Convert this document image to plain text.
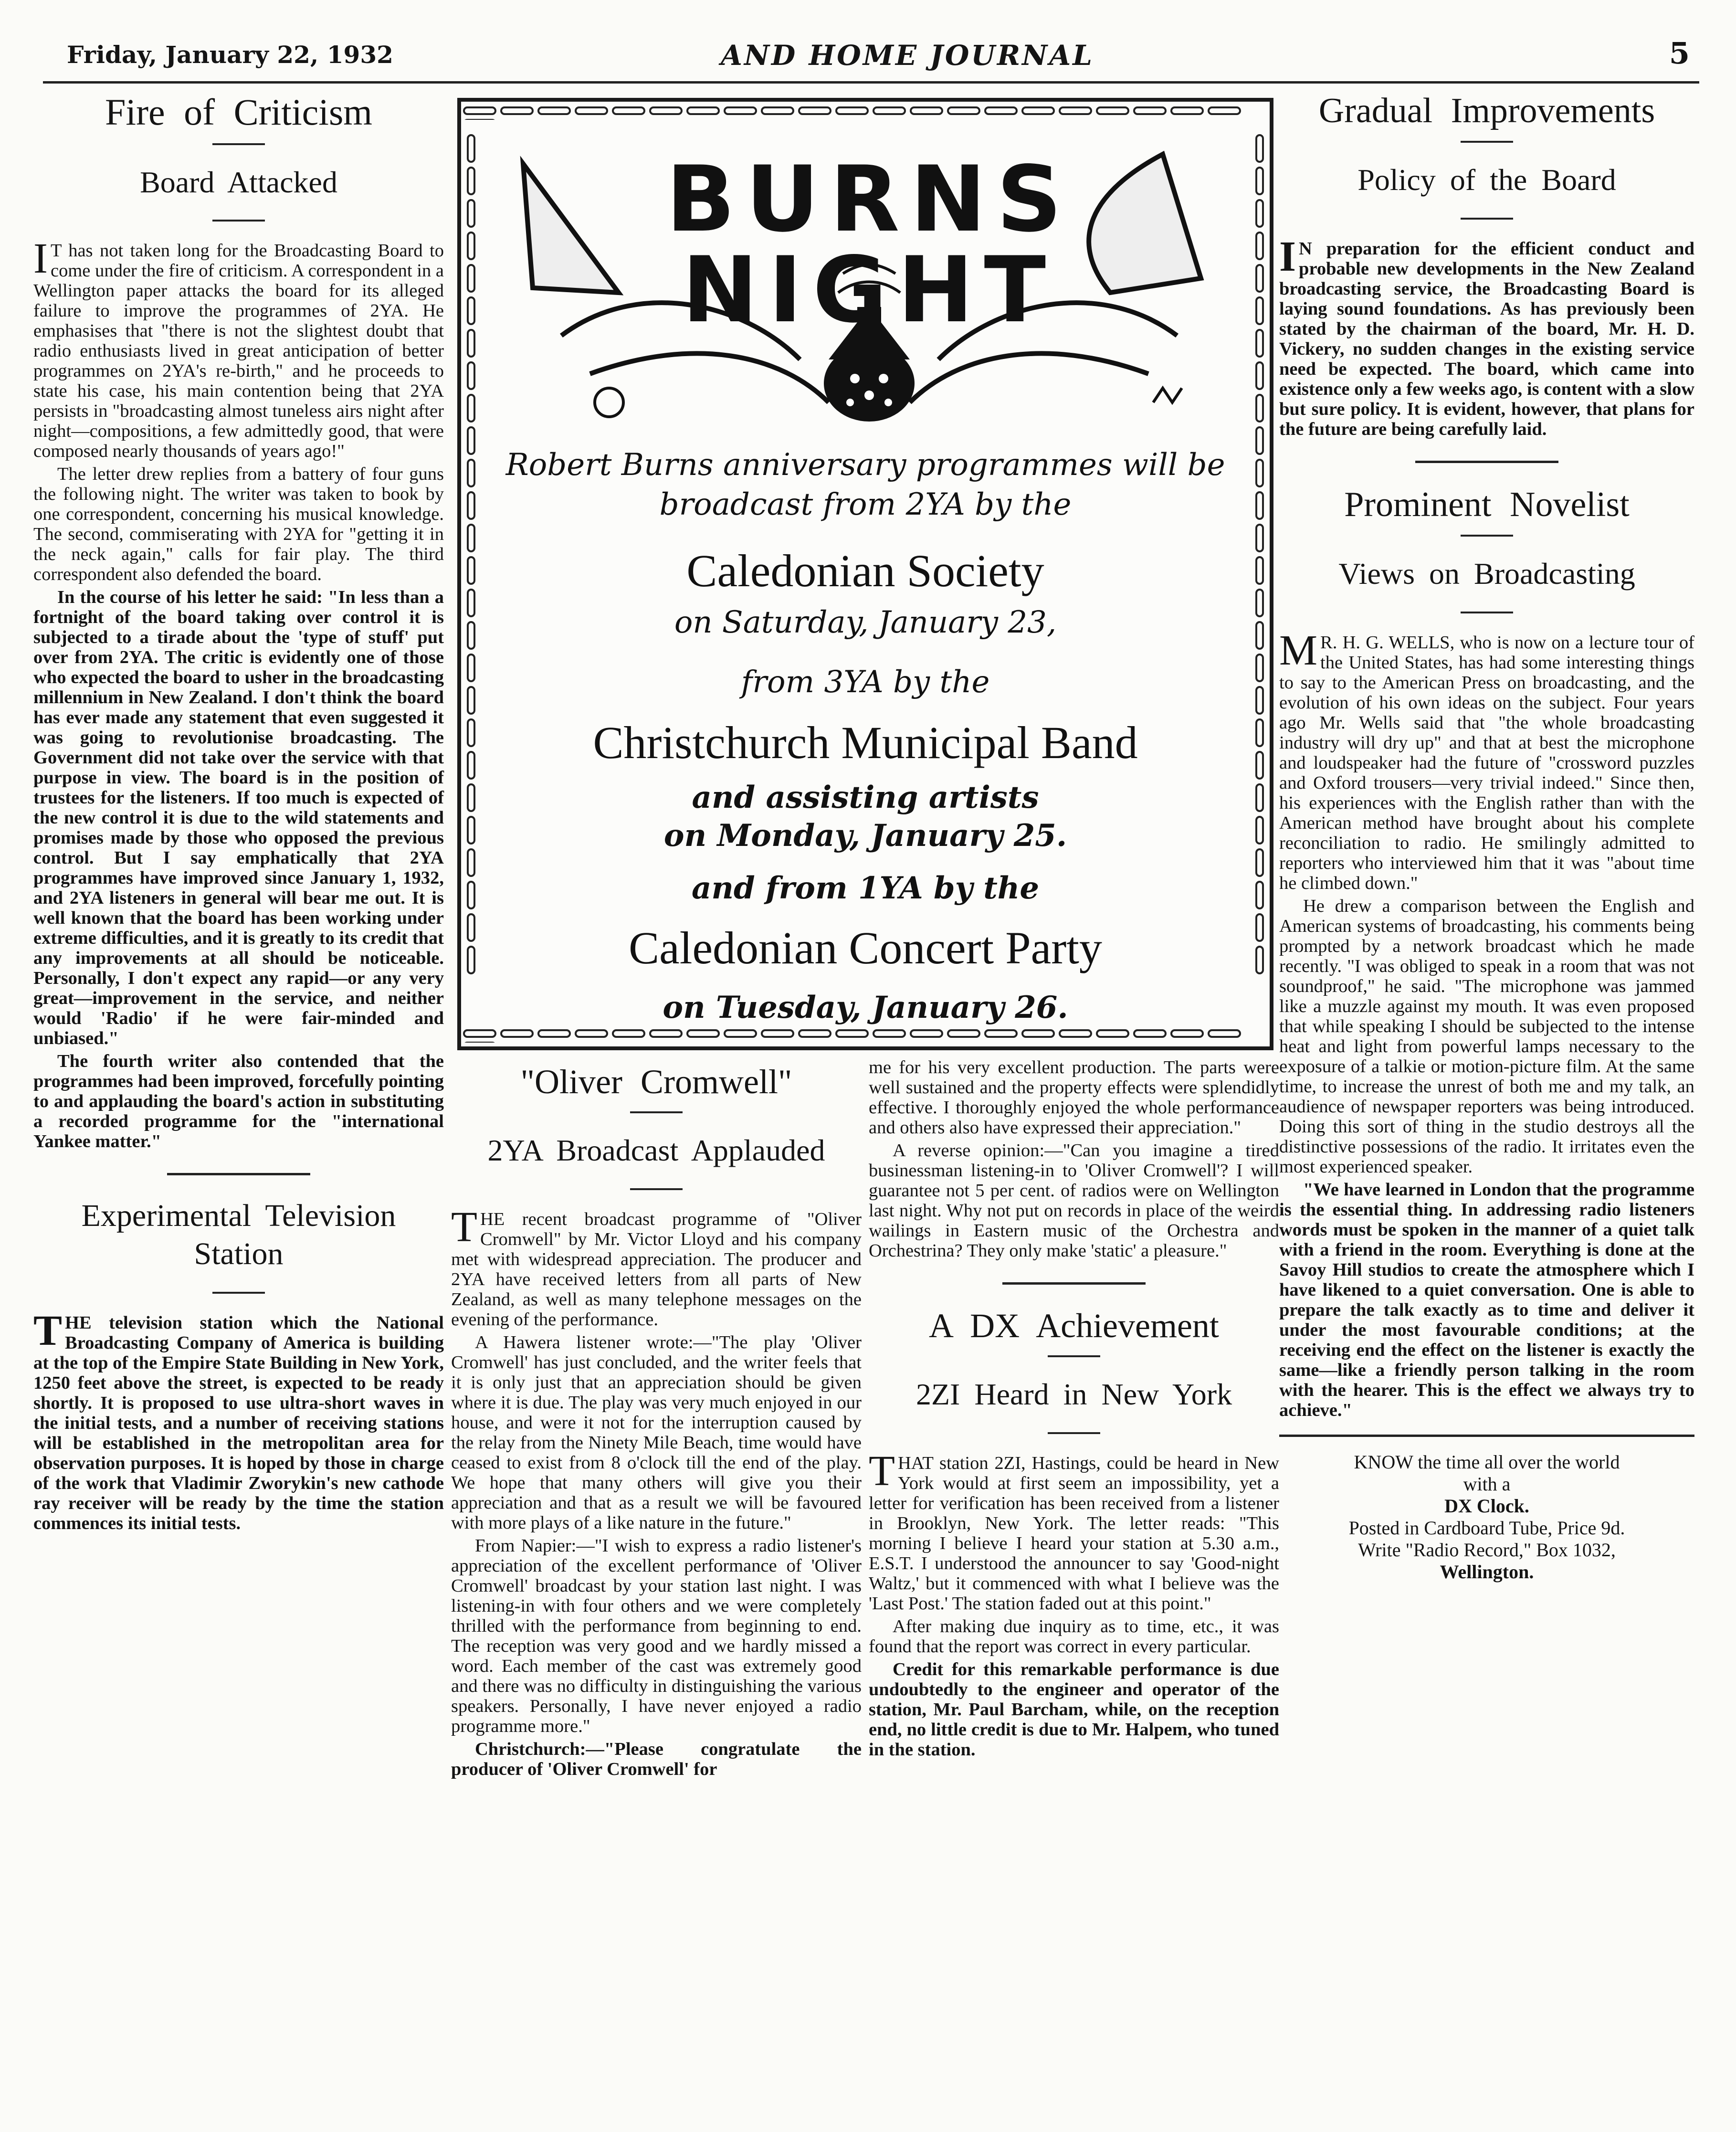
Friday, January 22, 1932	AND HOME JOURNAL	5
Fire of Criticism
Board Attacked

IT has not taken long for the Broadcasting Board to come under the fire of criticism. A correspondent in a Wellington paper attacks the board for its alleged failure to improve the programmes of 2YA. He emphasises that "there is not the slightest doubt that radio enthusiasts lived in great anticipation of better programmes on 2YA's re-birth," and he proceeds to state his case, his main contention being that 2YA persists in "broadcasting almost tuneless airs night after night—compositions, a few admittedly good, that were composed nearly thousands of years ago!"

The letter drew replies from a battery of four guns the following night. The writer was taken to book by one correspondent, concerning his musical knowledge. The second, commiserating with 2YA for "getting it in the neck again," calls for fair play. The third correspondent also defended the board.

In the course of his letter he said: "In less than a fortnight of the board taking over control it is subjected to a tirade about the 'type of stuff' put over from 2YA. The critic is evidently one of those who expected the board to usher in the broadcasting millennium in New Zealand. I don't think the board has ever made any statement that even suggested it was going to revolutionise broadcasting. The Government did not take over the service with that purpose in view. The board is in the position of trustees for the listeners. If too much is expected of the new control it is due to the wild statements and promises made by those who opposed the previous control. But I say emphatically that 2YA programmes have improved since January 1, 1932, and 2YA listeners in general will bear me out. It is well known that the board has been working under extreme difficulties, and it is greatly to its credit that any improvements at all should be noticeable. Personally, I don't expect any rapid—or any very great—improvement in the service, and neither would 'Radio' if he were fair-minded and unbiased."

The fourth writer also contended that the programmes had been improved, forcefully pointing to and applauding the board's action in substituting a recorded programme for the "international Yankee matter."

Experimental Television Station

THE television station which the National Broadcasting Company of America is building at the top of the Empire State Building in New York, 1250 feet above the street, is expected to be ready shortly. It is proposed to use ultra-short waves in the initial tests, and a number of receiving stations will be established in the metropolitan area for observation purposes. It is hoped by those in charge of the work that Vladimir Zworykin's new cathode ray receiver will be ready by the time the station commences its initial tests.

BURNS
NIGHT
Robert Burns anniversary programmes will be broadcast from 2YA by the
Caledonian Society
on Saturday, January 23,
from 3YA by the
Christchurch Municipal Band
and assisting artists
on Monday, January 25.
and from 1YA by the
Caledonian Concert Party
on Tuesday, January 26.
"Oliver Cromwell"
2YA Broadcast Applauded

THE recent broadcast programme of "Oliver Cromwell" by Mr. Victor Lloyd and his company met with widespread appreciation. The producer and 2YA have received letters from all parts of New Zealand, as well as many telephone messages on the evening of the performance.

A Hawera listener wrote:—"The play 'Oliver Cromwell' has just concluded, and the writer feels that it is only just that an appreciation should be given where it is due. The play was very much enjoyed in our house, and were it not for the interruption caused by the relay from the Ninety Mile Beach, time would have ceased to exist from 8 o'clock till the end of the play. We hope that many others will give you their appreciation and that as a result we will be favoured with more plays of a like nature in the future."

From Napier:—"I wish to express a radio listener's appreciation of the excellent performance of 'Oliver Cromwell' broadcast by your station last night. I was listening-in with four others and we were completely thrilled with the performance from beginning to end. The reception was very good and we hardly missed a word. Each member of the cast was extremely good and there was no difficulty in distinguishing the various speakers. Personally, I have never enjoyed a radio programme more."

Christchurch:—"Please congratulate the producer of 'Oliver Cromwell' for

me for his very excellent production. The parts were well sustained and the property effects were splendidly effective. I thoroughly enjoyed the whole performance and others also have expressed their appreciation."

A reverse opinion:—"Can you imagine a tired businessman listening-in to 'Oliver Cromwell'? I will guarantee not 5 per cent. of radios were on Wellington last night. Why not put on records in place of the weird wailings in Eastern music of the Orchestra and Orchestrina? They only make 'static' a pleasure."

A DX Achievement
2ZI Heard in New York

THAT station 2ZI, Hastings, could be heard in New York would at first seem an impossibility, yet a letter for verification has been received from a listener in Brooklyn, New York. The letter reads: "This morning I believe I heard your station at 5.30 a.m., E.S.T. I understood the announcer to say 'Good-night Waltz,' but it commenced with what I believe was the 'Last Post.' The station faded out at this point."

After making due inquiry as to time, etc., it was found that the report was correct in every particular.

Credit for this remarkable performance is due undoubtedly to the engineer and operator of the station, Mr. Paul Barcham, while, on the reception end, no little credit is due to Mr. Halpem, who tuned in the station.

Gradual Improvements
Policy of the Board

IN preparation for the efficient conduct and probable new developments in the New Zealand broadcasting service, the Broadcasting Board is laying sound foundations. As has previously been stated by the chairman of the board, Mr. H. D. Vickery, no sudden changes in the existing service need be expected. The board, which came into existence only a few weeks ago, is content with a slow but sure policy. It is evident, however, that plans for the future are being carefully laid.

Prominent Novelist
Views on Broadcasting

MR. H. G. WELLS, who is now on a lecture tour of the United States, has had some interesting things to say to the American Press on broadcasting, and the evolution of his own ideas on the subject. Four years ago Mr. Wells said that "the whole broadcasting industry will dry up" and that at best the microphone and loudspeaker had the future of "crossword puzzles and Oxford trousers—very trivial indeed." Since then, his experiences with the English rather than with the American method have brought about his complete reconciliation to radio. He smilingly admitted to reporters who interviewed him that it was "about time he climbed down."

He drew a comparison between the English and American systems of broadcasting, his comments being prompted by a network broadcast which he made recently. "I was obliged to speak in a room that was not soundproof," he said. "The microphone was jammed like a muzzle against my mouth. It was even proposed that while speaking I should be subjected to the intense heat and light from powerful lamps necessary to the exposure of a talkie or motion-picture film. At the same time, to increase the unrest of both me and my talk, an audience of newspaper reporters was being introduced. Doing this sort of thing in the studio destroys all the distinctive possessions of the radio. It irritates even the most experienced speaker.

"We have learned in London that the programme is the essential thing. In addressing radio listeners words must be spoken in the manner of a quiet talk with a friend in the room. Everything is done at the Savoy Hill studios to create the atmosphere which I have likened to a quiet conversation. One is able to prepare the talk exactly as to time and deliver it under the most favourable conditions; at the receiving end the effect on the listener is exactly the same—like a friendly person talking in the room with the hearer. This is the effect we always try to achieve."

KNOW the time all over the world
with a
DX Clock.
Posted in Cardboard Tube, Price 9d.
Write "Radio Record," Box 1032,
Wellington.
